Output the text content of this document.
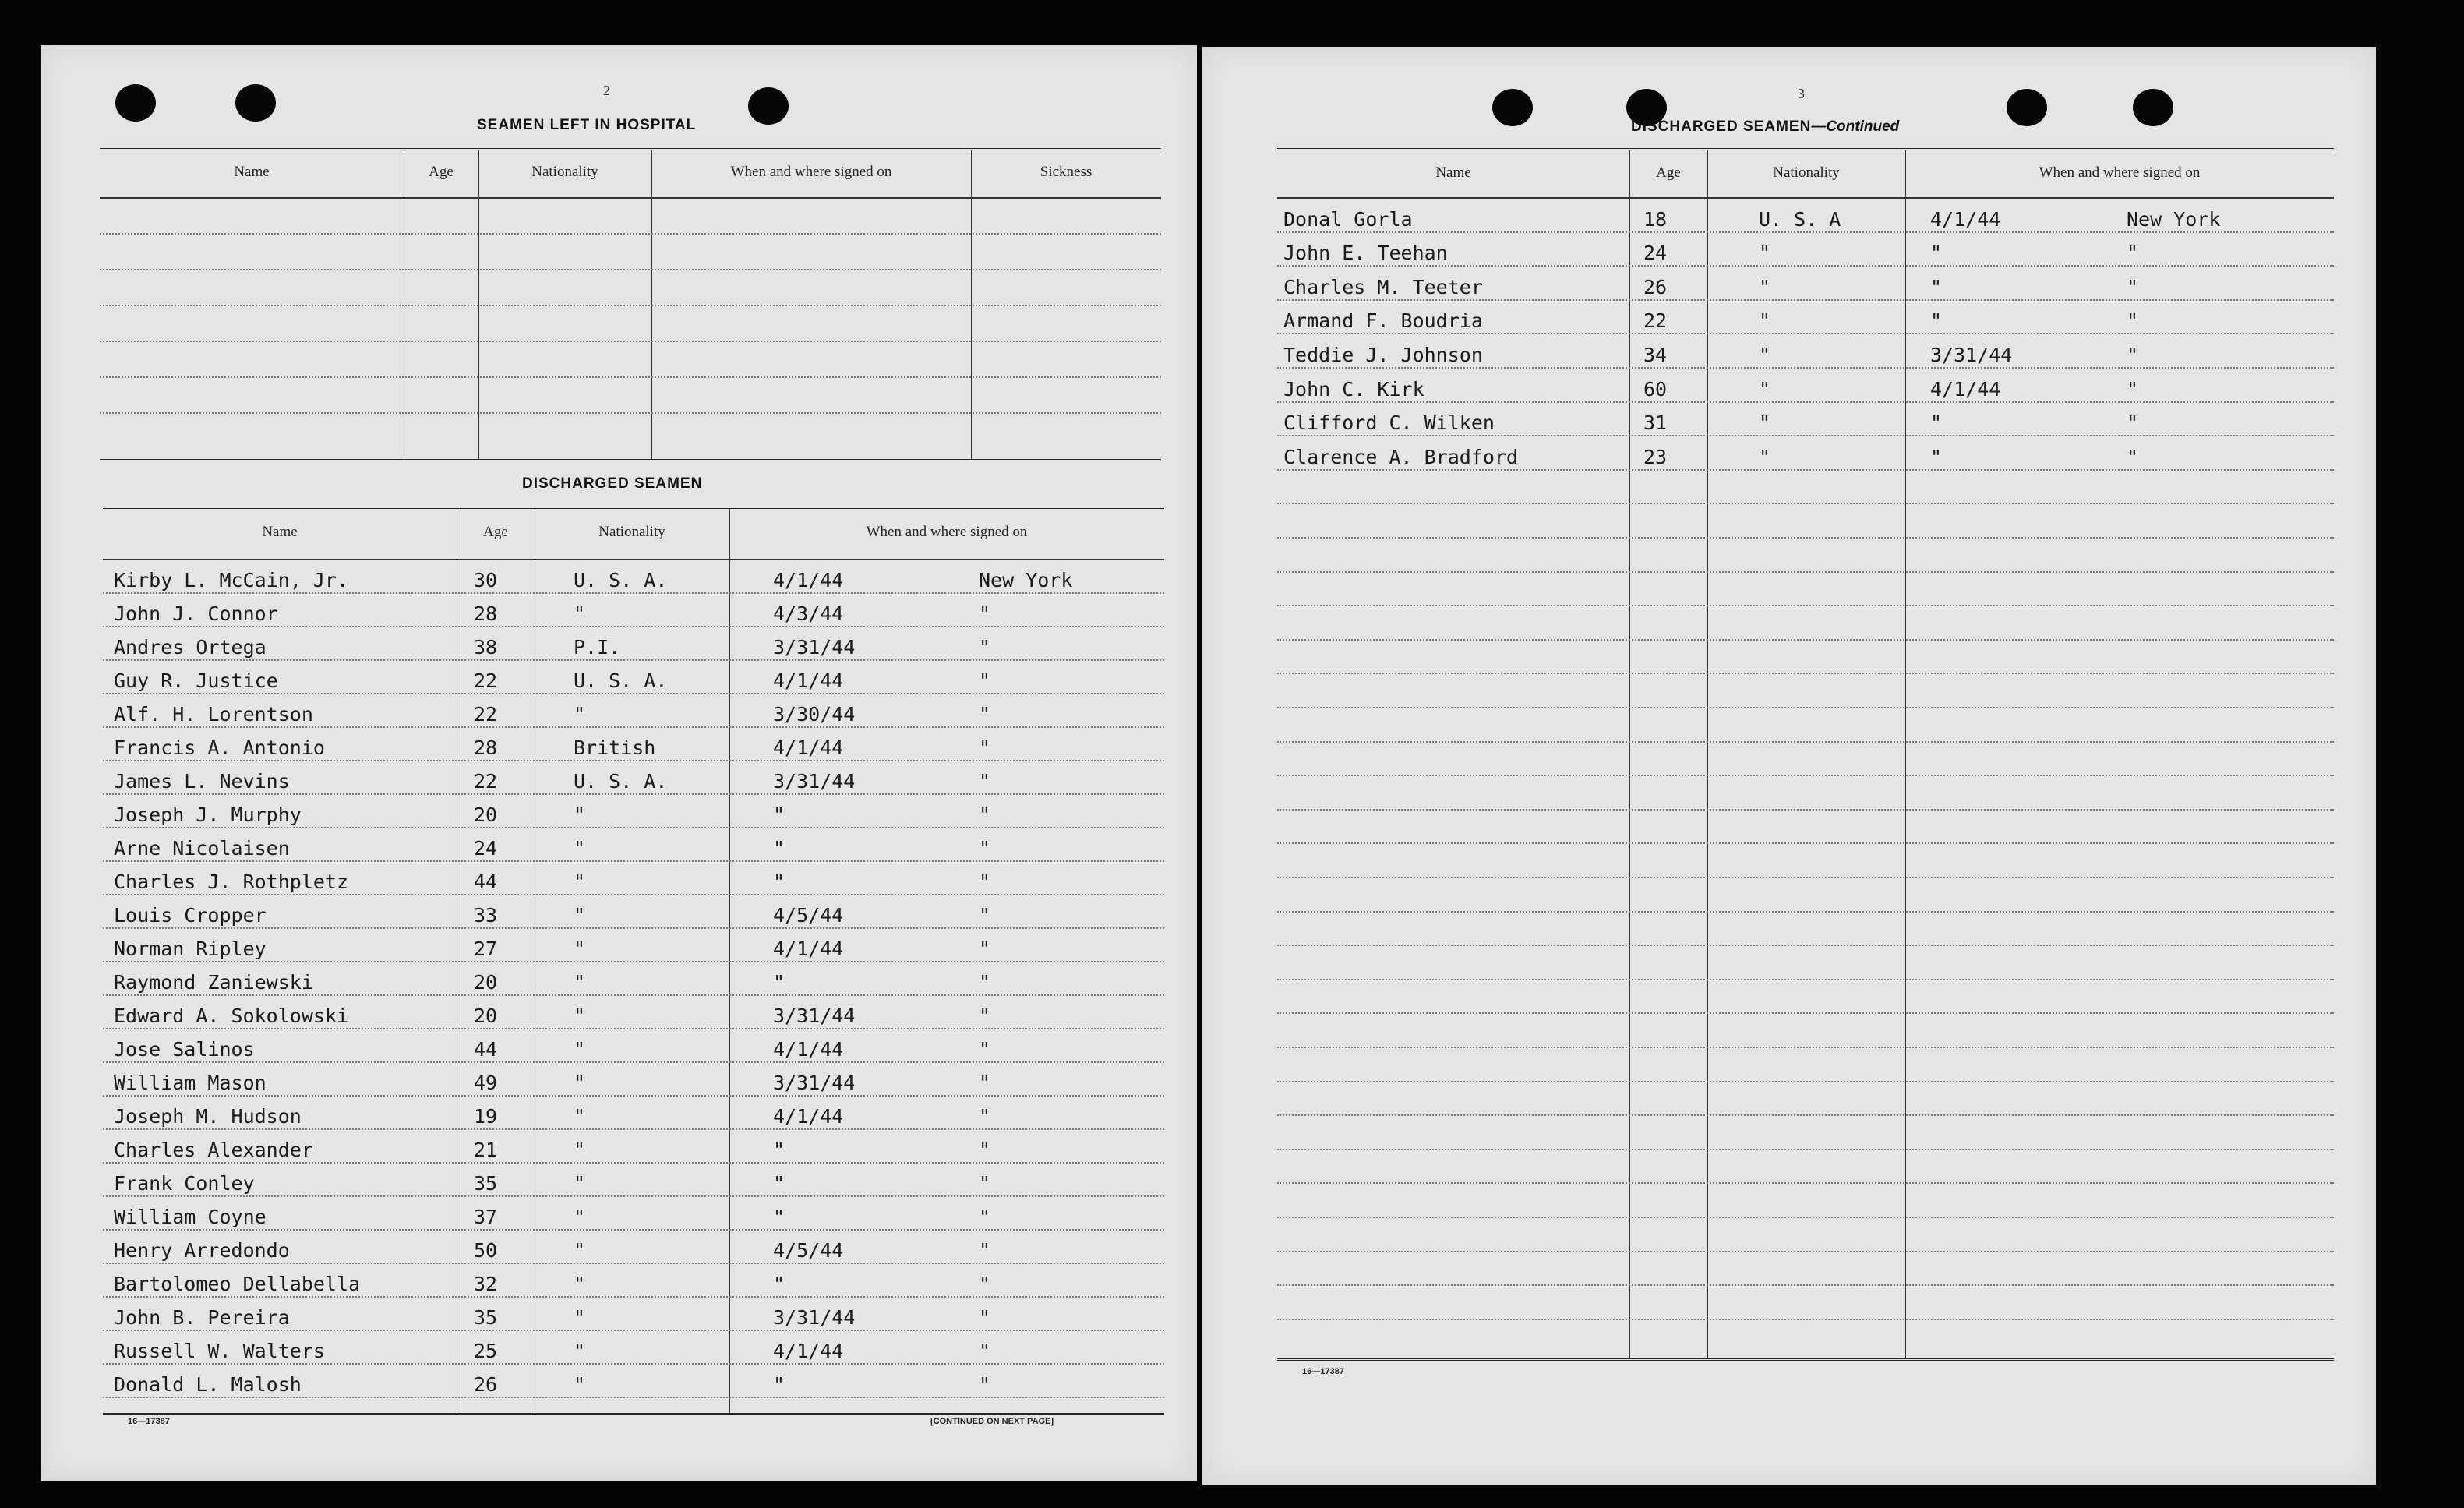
2
SEAMEN LEFT IN HOSPITAL
Name	Age	Nationality	When and where signed on	Sickness
DISCHARGED SEAMEN
Name	Age	Nationality	When and where signed on
Kirby L. McCain, Jr.	30	U. S. A.	4/1/44	New York
John J. Connor	28	"	4/3/44	"
Andres Ortega	38	P.I.	3/31/44	"
Guy R. Justice	22	U. S. A.	4/1/44	"
Alf. H. Lorentson	22	"	3/30/44	"
Francis A. Antonio	28	British	4/1/44	"
James L. Nevins	22	U. S. A.	3/31/44	"
Joseph J. Murphy	20	"	"	"
Arne Nicolaisen	24	"	"	"
Charles J. Rothpletz	44	"	"	"
Louis Cropper	33	"	4/5/44	"
Norman Ripley	27	"	4/1/44	"
Raymond Zaniewski	20	"	"	"
Edward A. Sokolowski	20	"	3/31/44	"
Jose Salinos	44	"	4/1/44	"
William Mason	49	"	3/31/44	"
Joseph M. Hudson	19	"	4/1/44	"
Charles Alexander	21	"	"	"
Frank Conley	35	"	"	"
William Coyne	37	"	"	"
Henry Arredondo	50	"	4/5/44	"
Bartolomeo Dellabella	32	"	"	"
John B. Pereira	35	"	3/31/44	"
Russell W. Walters	25	"	4/1/44	"
Donald L. Malosh	26	"	"	"
16—17387	[CONTINUED ON NEXT PAGE]
3
DISCHARGED SEAMEN—Continued
Name	Age	Nationality	When and where signed on
Donal Gorla	18	U. S. A	4/1/44	New York
John E. Teehan	24	"	"	"
Charles M. Teeter	26	"	"	"
Armand F. Boudria	22	"	"	"
Teddie J. Johnson	34	"	3/31/44	"
John C. Kirk	60	"	4/1/44	"
Clifford C. Wilken	31	"	"	"
Clarence A. Bradford	23	"	"	"
16—17387
